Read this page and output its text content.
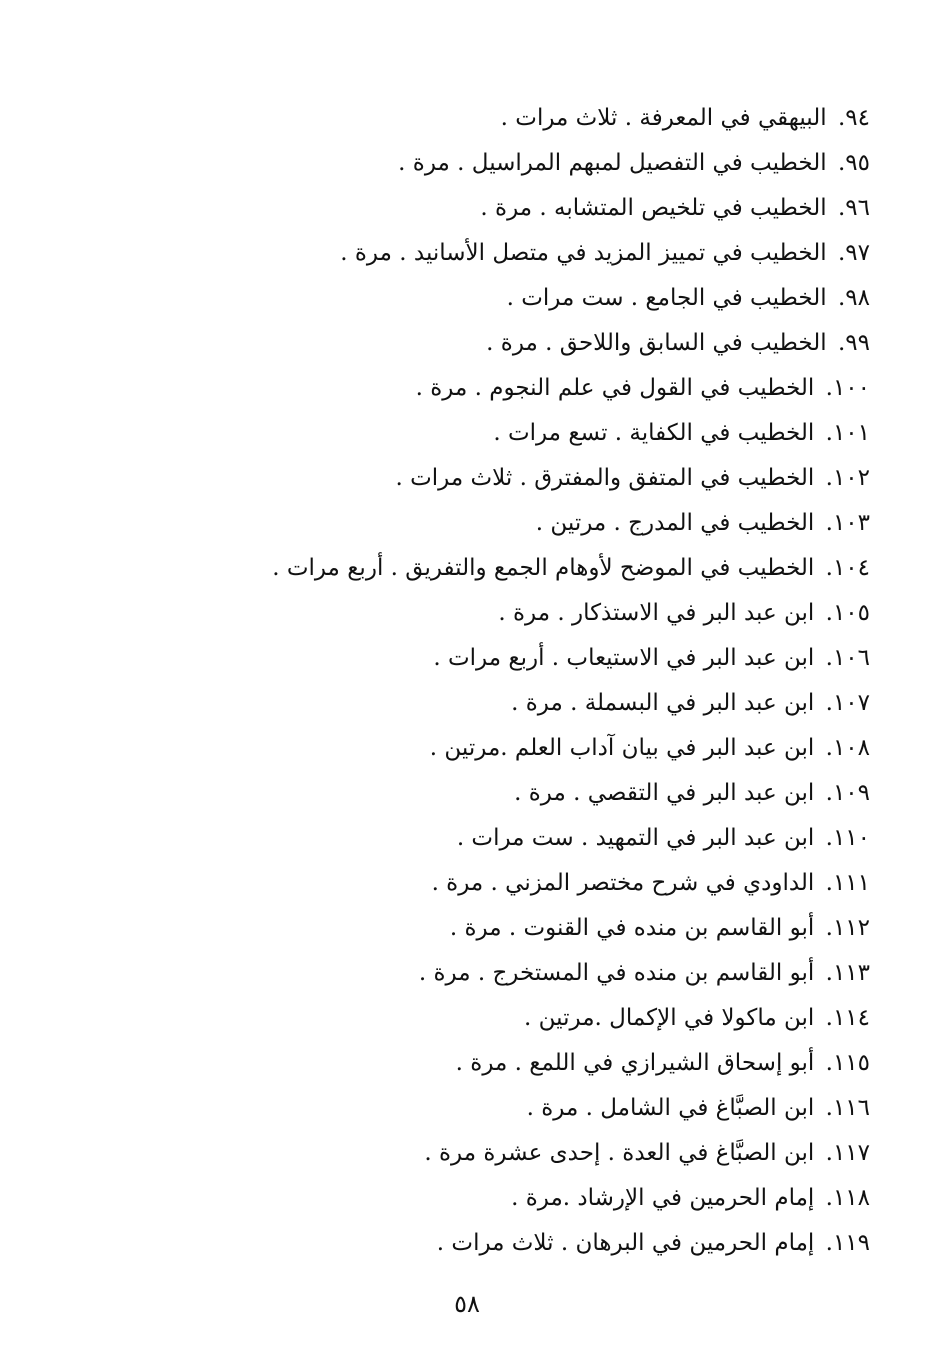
٩٤. البيهقي في المعرفة . ثلاث مرات .
٩٥. الخطيب في التفصيل لمبهم المراسيل . مرة .
٩٦. الخطيب في تلخيص المتشابه . مرة .
٩٧. الخطيب في تمييز المزيد في متصل الأسانيد . مرة .
٩٨. الخطيب في الجامع . ست مرات .
٩٩. الخطيب في السابق واللاحق . مرة .
١٠٠. الخطيب في القول في علم النجوم . مرة .
١٠١. الخطيب في الكفاية . تسع مرات .
١٠٢. الخطيب في المتفق والمفترق . ثلاث مرات .
١٠٣. الخطيب في المدرج . مرتين .
١٠٤. الخطيب في الموضح لأوهام الجمع والتفريق . أربع مرات .
١٠٥. ابن عبد البر في الاستذكار . مرة .
١٠٦. ابن عبد البر في الاستيعاب . أربع مرات .
١٠٧. ابن عبد البر في البسملة . مرة .
١٠٨. ابن عبد البر في بيان آداب العلم .مرتين .
١٠٩. ابن عبد البر في التقصي . مرة .
١١٠. ابن عبد البر في التمهيد . ست مرات .
١١١. الداودي في شرح مختصر المزني . مرة .
١١٢. أبو القاسم بن منده في القنوت . مرة .
١١٣. أبو القاسم بن منده في المستخرج . مرة .
١١٤. ابن ماكولا في الإكمال .مرتين .
١١٥. أبو إسحاق الشيرازي في اللمع . مرة .
١١٦. ابن الصبَّاغ في الشامل . مرة .
١١٧. ابن الصبَّاغ في العدة . إحدى عشرة مرة .
١١٨. إمام الحرمين في الإرشاد .مرة .
١١٩. إمام الحرمين في البرهان . ثلاث مرات .
٥٨
